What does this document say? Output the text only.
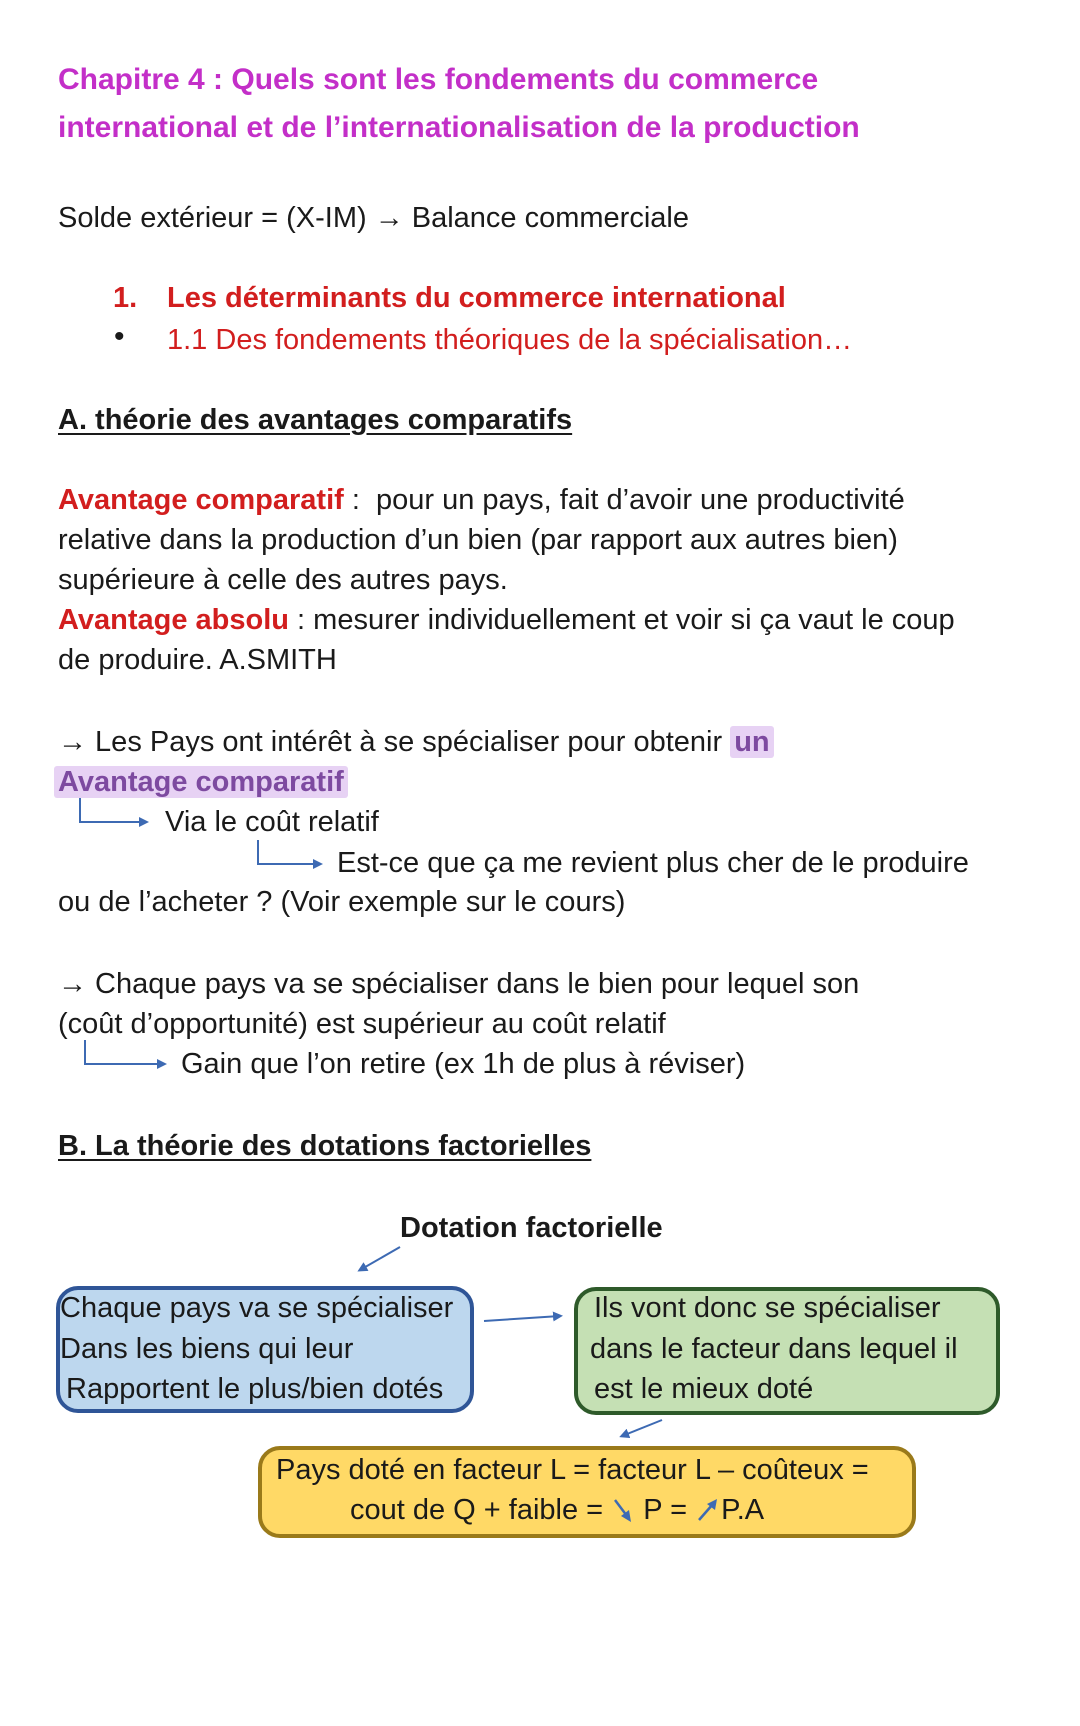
Chapitre 4 : Quels sont les fondements du commerce
international et de l’internationalisation de la production
Solde extérieur = (X-IM) → Balance commerciale
1. Les déterminants du commerce international
• 1.1 Des fondements théoriques de la spécialisation…
A. théorie des avantages comparatifs
Avantage comparatif :  pour un pays, fait d’avoir une productivité
relative dans la production d’un bien (par rapport aux autres bien)
supérieure à celle des autres pays.
Avantage absolu : mesurer individuellement et voir si ça vaut le coup
de produire. A.SMITH
→ Les Pays ont intérêt à se spécialiser pour obtenir un
Avantage comparatif
Via le coût relatif
Est-ce que ça me revient plus cher de le produire
ou de l’acheter ? (Voir exemple sur le cours)
→ Chaque pays va se spécialiser dans le bien pour lequel son
(coût d’opportunité) est supérieur au coût relatif
Gain que l’on retire (ex 1h de plus à réviser)
B. La théorie des dotations factorielles
Dotation factorielle
Chaque pays va se spécialiser
Dans les biens qui leur
Rapportent le plus/bien dotés
Ils vont donc se spécialiser
dans le facteur dans lequel il
est le mieux doté
Pays doté en facteur L = facteur L – coûteux =
cout de Q + faible =  P = P.A
